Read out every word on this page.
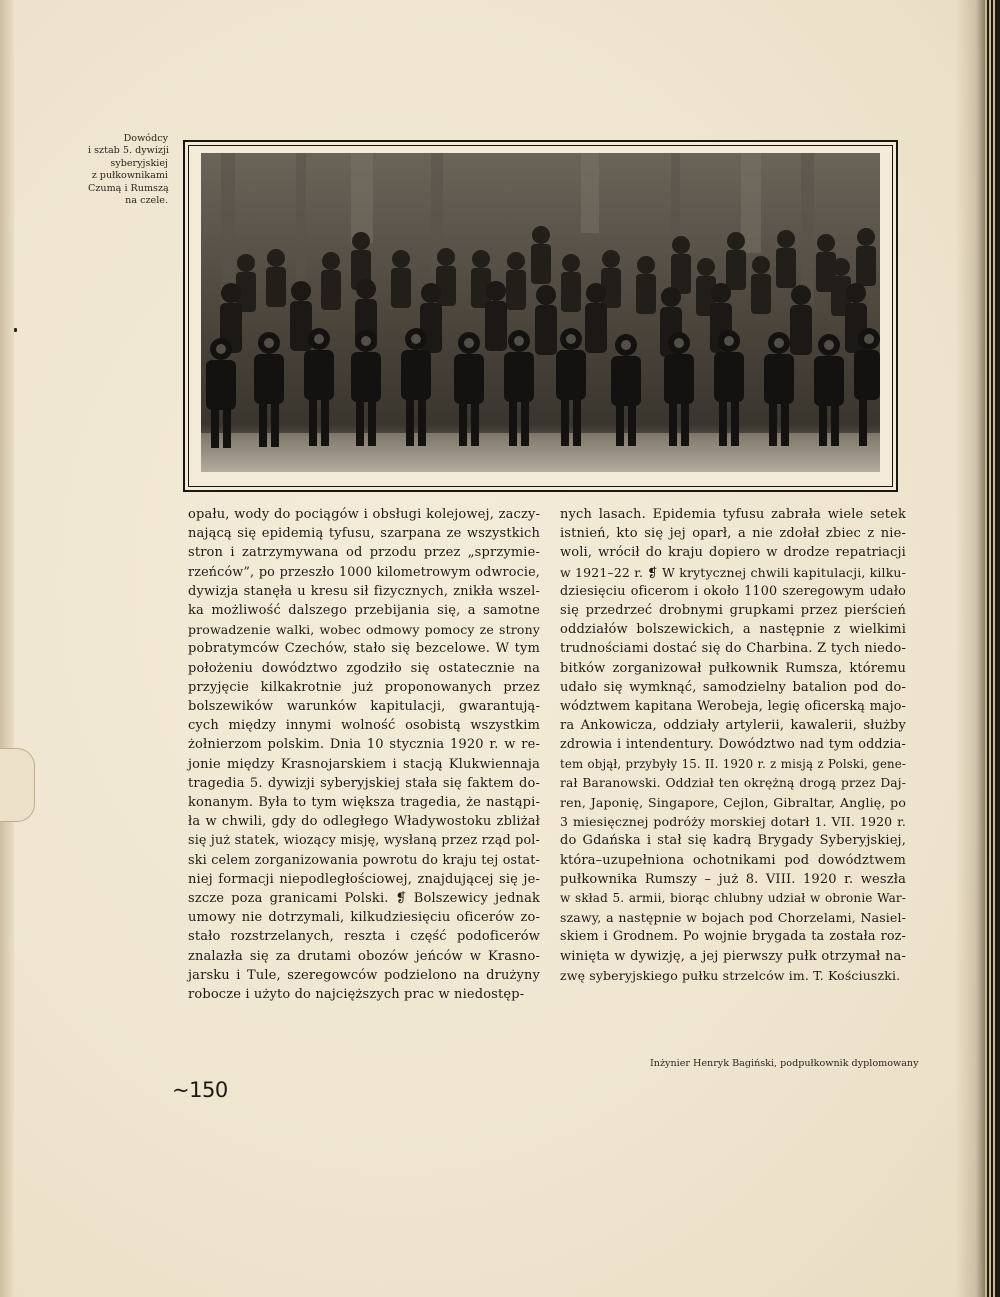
Dowódcy
i sztab 5. dywizji
syberyjskiej
z pułkownikami
Czumą i Rumszą
na czele.
opału, wody do pociągów i obsługi kolejowej, zaczy-
nającą się epidemią tyfusu, szarpana ze wszystkich
stron i zatrzymywana od przodu przez „sprzymie-
rzeńców”, po przeszło 1000 kilometrowym odwrocie,
dywizja stanęła u kresu sił fizycznych, znikła wszel-
ka możliwość dalszego przebijania się, a samotne
prowadzenie walki, wobec odmowy pomocy ze strony
pobratymców Czechów, stało się bezcelowe. W tym
położeniu dowództwo zgodziło się ostatecznie na
przyjęcie kilkakrotnie już proponowanych przez
bolszewików warunków kapitulacji, gwarantują-
cych między innymi wolność osobistą wszystkim
żołnierzom polskim. Dnia 10 stycznia 1920 r. w re-
jonie między Krasnojarskiem i stacją Klukwiennaja
tragedia 5. dywizji syberyjskiej stała się faktem do-
konanym. Była to tym większa tragedia, że nastąpi-
ła w chwili, gdy do odległego Władywostoku zbliżał
się już statek, wiozący misję, wysłaną przez rząd pol-
ski celem zorganizowania powrotu do kraju tej ostat-
niej formacji niepodległościowej, znajdującej się je-
szcze poza granicami Polski. ❡ Bolszewicy jednak
umowy nie dotrzymali, kilkudziesięciu oficerów zo-
stało rozstrzelanych, reszta i część podoficerów
znalazła się za drutami obozów jeńców w Krasno-
jarsku i Tule, szeregowców podzielono na drużyny
robocze i użyto do najcięższych prac w niedostęp-
nych lasach. Epidemia tyfusu zabrała wiele setek
istnień, kto się jej oparł, a nie zdołał zbiec z nie-
woli, wrócił do kraju dopiero w drodze repatriacji
w 1921–22 r. ❡ W krytycznej chwili kapitulacji, kilku-
dziesięciu oficerom i około 1100 szeregowym udało
się przedrzeć drobnymi grupkami przez pierścień
oddziałów bolszewickich, a następnie z wielkimi
trudnościami dostać się do Charbina. Z tych niedo-
bitków zorganizował pułkownik Rumsza, któremu
udało się wymknąć, samodzielny batalion pod do-
wództwem kapitana Werobeja, legię oficerską majo-
ra Ankowicza, oddziały artylerii, kawalerii, służby
zdrowia i intendentury. Dowództwo nad tym oddzia-
tem objął, przybyły 15. II. 1920 r. z misją z Polski, gene-
rał Baranowski. Oddział ten okrężną drogą przez Daj-
ren, Japonię, Singapore, Cejlon, Gibraltar, Anglię, po
3 miesięcznej podróży morskiej dotarł 1. VII. 1920 r.
do Gdańska i stał się kadrą Brygady Syberyjskiej,
która–uzupełniona ochotnikami pod dowództwem
pułkownika Rumszy – już 8. VIII. 1920 r. weszła
w skład 5. armii, biorąc chlubny udział w obronie War-
szawy, a następnie w bojach pod Chorzelami, Nasiel-
skiem i Grodnem. Po wojnie brygada ta została roz-
winięta w dywizję, a jej pierwszy pułk otrzymał na-
zwę syberyjskiego pułku strzelców im. T. Kościuszki.
Inżynier Henryk Bagiński, podpułkownik dyplomowany
~150
